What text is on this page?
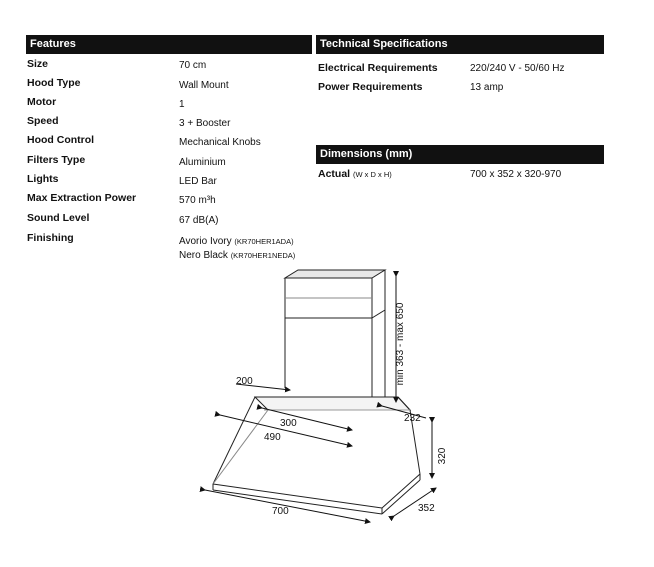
Features	Technical Specifications
Dimensions (mm)
Size	70 cm
Hood Type	Wall Mount
Motor	1
Speed	3 + Booster
Hood Control	Mechanical Knobs
Filters Type	Aluminium
Lights	LED Bar
Max Extraction Power	570 m³h
Sound Level	67 dB(A)
Finishing	Avorio Ivory (KR70HER1ADA)
Nero Black (KR70HER1NEDA)
Electrical Requirements	220/240 V - 50/60 Hz
Power Requirements	13 amp
Actual (W x D x H)	700 x 352 x 320-970
200
300
490
232
320
700	352
min 363 - max 650
